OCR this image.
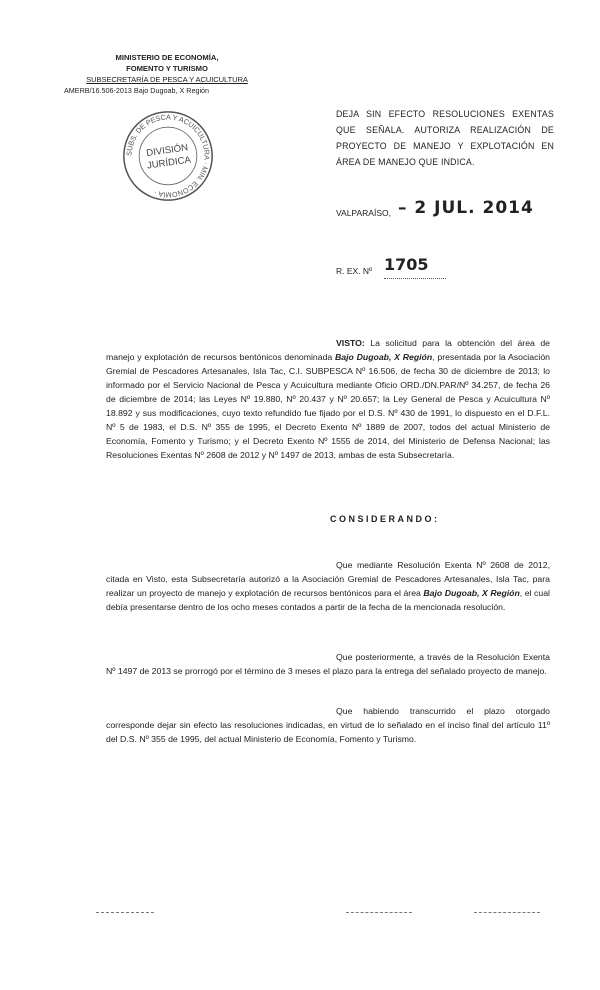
MINISTERIO DE ECONOMÍA,
FOMENTO Y TURISMO
SUBSECRETARÍA DE PESCA Y ACUICULTURA
AMERB/16.506-2013 Bajo Dugoab, X Región
SUBS. DE PESCA Y ACUICULTURA · MIN. ECONOMÍA ·
DIVISIÓN
JURÍDICA
DEJA SIN EFECTO RESOLUCIONES EXENTAS QUE SEÑALA. AUTORIZA REALIZACIÓN DE PROYECTO DE MANEJO Y EXPLOTACIÓN EN ÁREA DE MANEJO QUE INDICA.
VALPARAÍSO, – 2 JUL. 2014
R. EX. Nº 1705
VISTO: La solicitud para la obtención del área de manejo y explotación de recursos bentónicos denominada Bajo Dugoab, X Región, presentada por la Asociación Gremial de Pescadores Artesanales, Isla Tac, C.I. SUBPESCA Nº 16.506, de fecha 30 de diciembre de 2013; lo informado por el Servicio Nacional de Pesca y Acuicultura mediante Oficio ORD./DN.PAR/Nº 34.257, de fecha 26 de diciembre de 2014; las Leyes Nº 19.880, Nº 20.437 y Nº 20.657; la Ley General de Pesca y Acuicultura Nº 18.892 y sus modificaciones, cuyo texto refundido fue fijado por el D.S. Nº 430 de 1991, lo dispuesto en el D.F.L. Nº 5 de 1983, el D.S. Nº 355 de 1995, el Decreto Exento Nº 1889 de 2007, todos del actual Ministerio de Economía, Fomento y Turismo; y el Decreto Exento Nº 1555 de 2014, del Ministerio de Defensa Nacional; las Resoluciones Exentas Nº 2608 de 2012 y Nº 1497 de 2013, ambas de esta Subsecretaría.
CONSIDERANDO:
Que mediante Resolución Exenta Nº 2608 de 2012, citada en Visto, esta Subsecretaría autorizó a la Asociación Gremial de Pescadores Artesanales, Isla Tac, para realizar un proyecto de manejo y explotación de recursos bentónicos para el área Bajo Dugoab, X Región, el cual debía presentarse dentro de los ocho meses contados a partir de la fecha de la mencionada resolución.
Que posteriormente, a través de la Resolución Exenta Nº 1497 de 2013 se prorrogó por el término de 3 meses el plazo para la entrega del señalado proyecto de manejo.
Que habiendo transcurrido el plazo otorgado corresponde dejar sin efecto las resoluciones indicadas, en virtud de lo señalado en el inciso final del artículo 11º del D.S. Nº 355 de 1995, del actual Ministerio de Economía, Fomento y Turismo.
